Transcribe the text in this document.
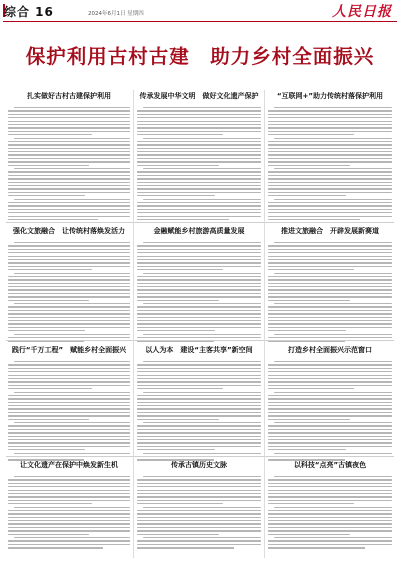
综合 16	2024年6月1日 星期四	人民日报
保护利用古村古建　助力乡村全面振兴
扎实做好古村古建保护利用	传承发展中华文明　做好文化遗产保护	“互联网+”助力传统村落保护利用
强化文旅融合　让传统村落焕发活力	金融赋能乡村旅游高质量发展	推进文旅融合　开辟发展新赛道
践行“千万工程”　赋能乡村全面振兴	以人为本　建设“主客共享”新空间	打造乡村全面振兴示范窗口
让文化遗产在保护中焕发新生机	传承古镇历史文脉	以科技“点亮”古镇夜色
